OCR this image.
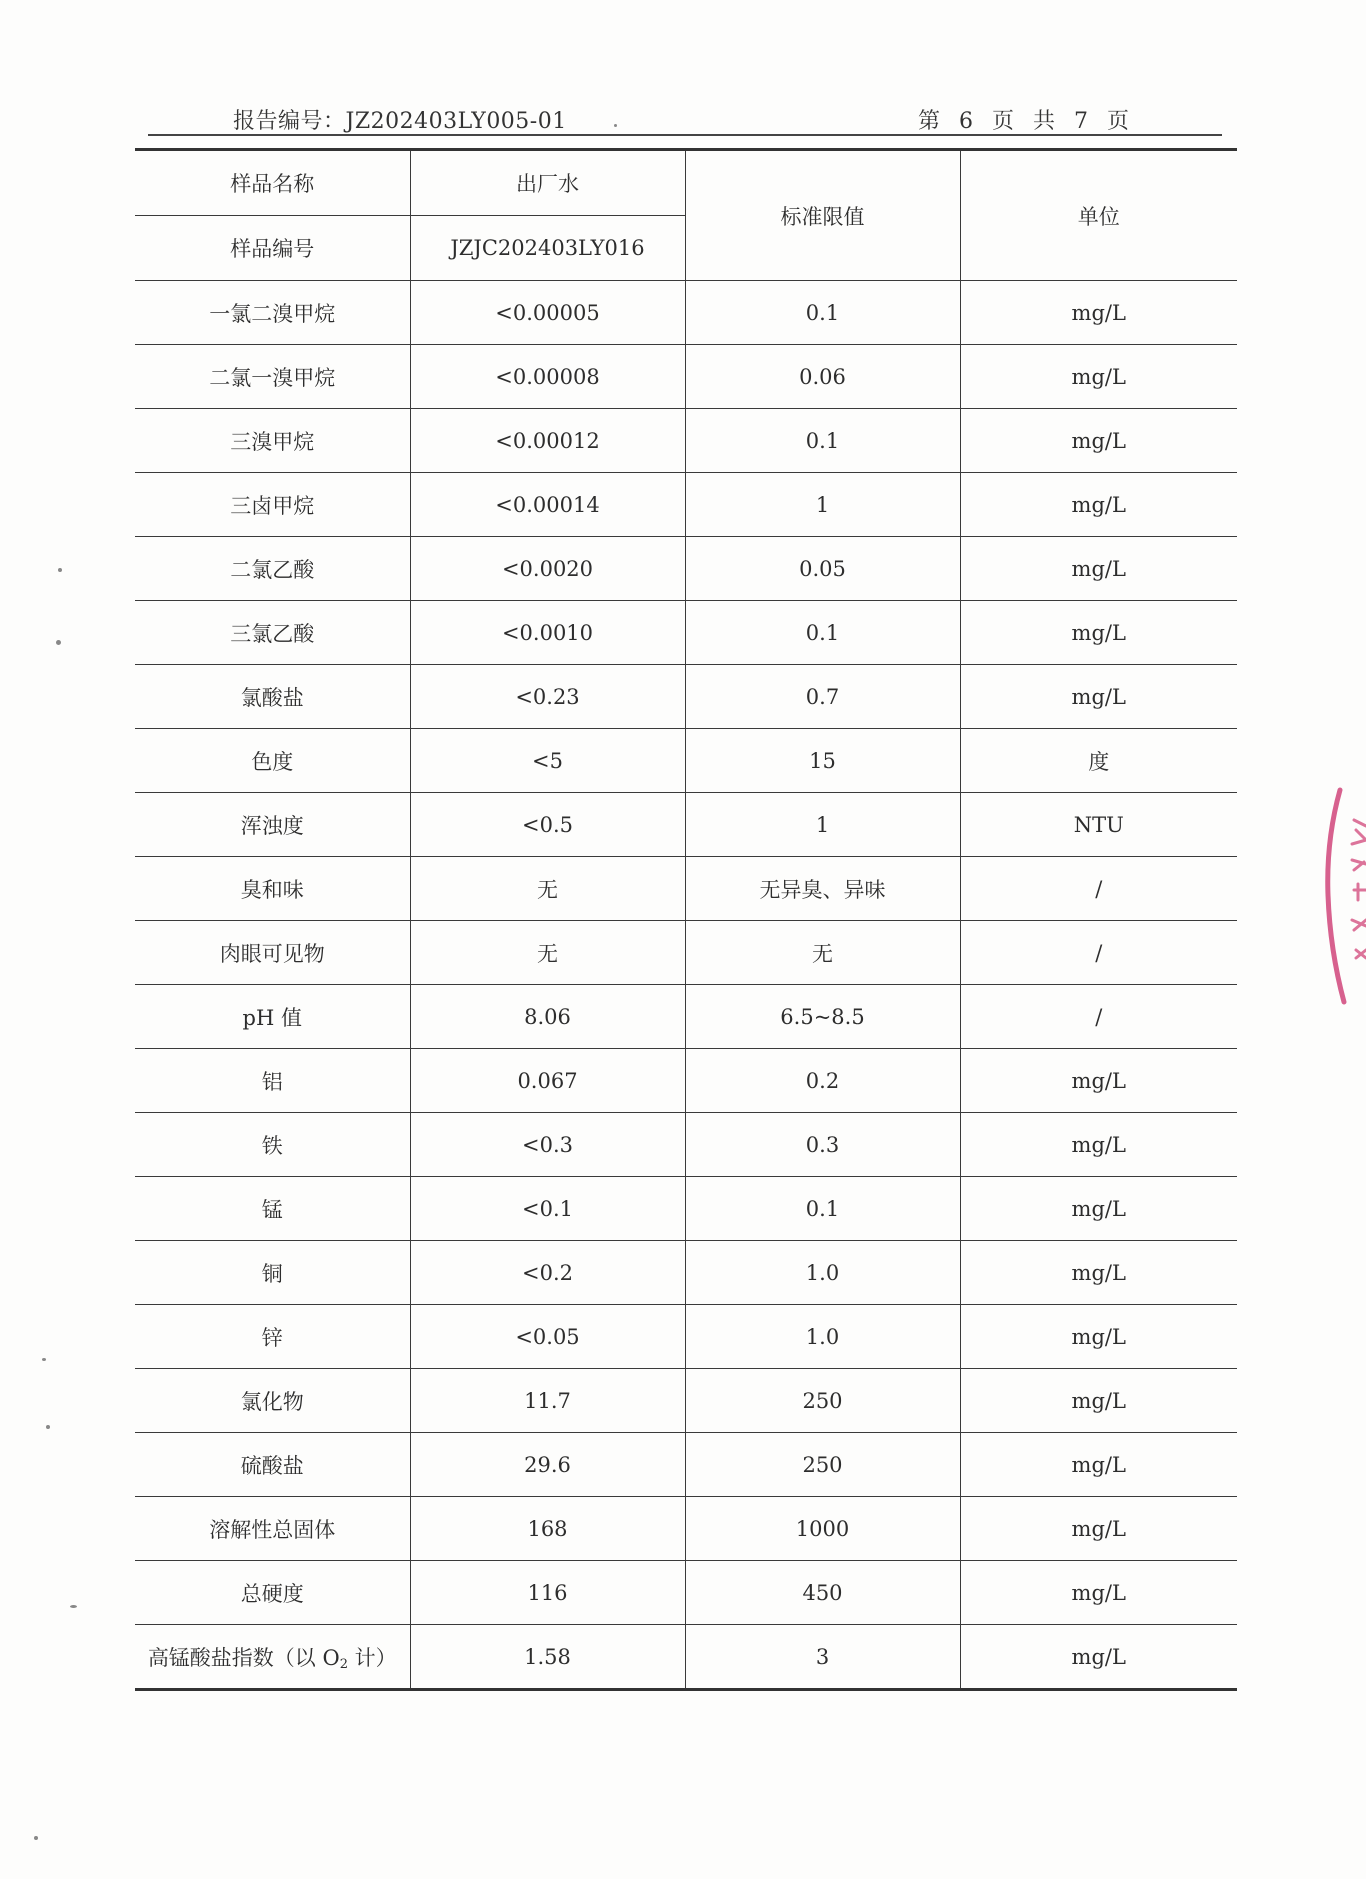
报告编号：JZ202403LY005-01	第 6 页 共 7 页
样品名称	出厂水	标准限值	单位
样品编号	JZJC202403LY016		
一氯二溴甲烷	<0.00005	0.1	mg/L
二氯一溴甲烷	<0.00008	0.06	mg/L
三溴甲烷	<0.00012	0.1	mg/L
三卤甲烷	<0.00014	1	mg/L
二氯乙酸	<0.0020	0.05	mg/L
三氯乙酸	<0.0010	0.1	mg/L
氯酸盐	<0.23	0.7	mg/L
色度	<5	15	度
浑浊度	<0.5	1	NTU
臭和味	无	无异臭、异味	/
肉眼可见物	无	无	/
pH 值	8.06	6.5~8.5	/
铝	0.067	0.2	mg/L
铁	<0.3	0.3	mg/L
锰	<0.1	0.1	mg/L
铜	<0.2	1.0	mg/L
锌	<0.05	1.0	mg/L
氯化物	11.7	250	mg/L
硫酸盐	29.6	250	mg/L
溶解性总固体	168	1000	mg/L
总硬度	116	450	mg/L
高锰酸盐指数（以 $O_2$ 计）	1.58	3	mg/L
